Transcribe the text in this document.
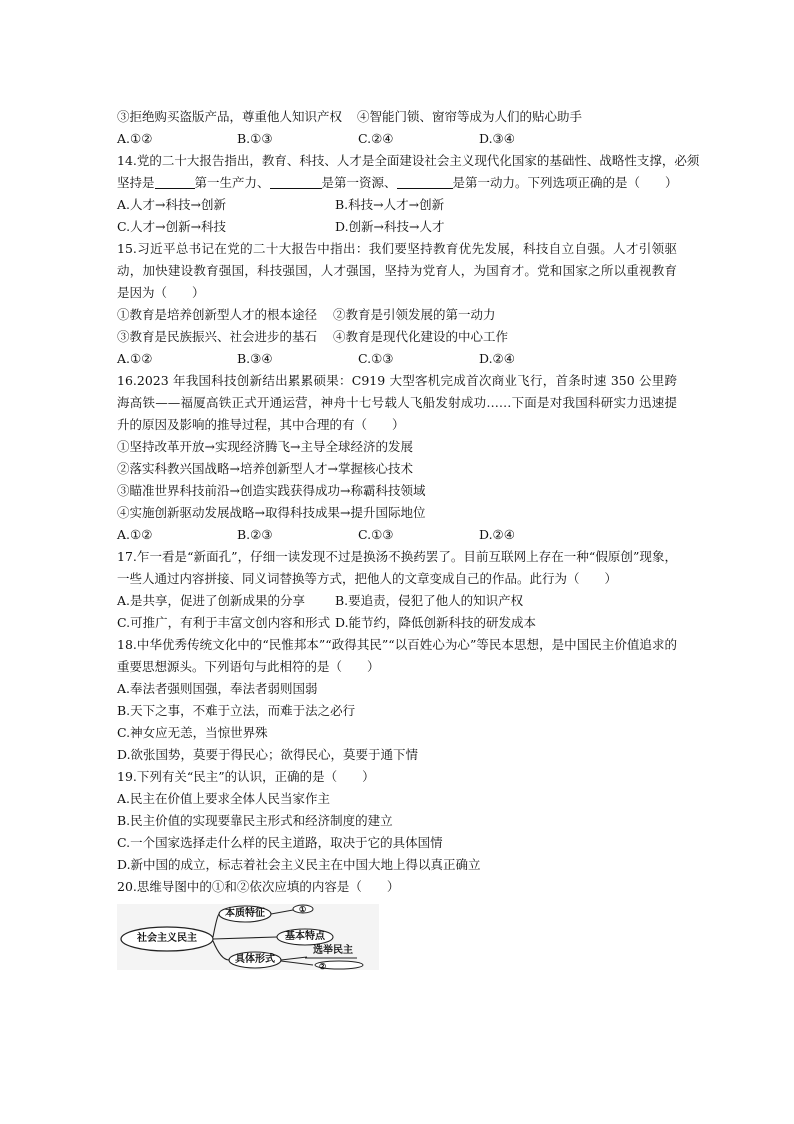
③拒绝购买盗版产品，尊重他人知识产权 ④智能门锁、窗帘等成为人们的贴心助手
A.①②	B.①③	C.②④	D.③④
14.党的二十大报告指出，教育、科技、人才是全面建设社会主义现代化国家的基础性、战略性支撑，必须
坚持是	第一生产力、	是第一资源、	是第一动力。下列选项正确的是（　　）
A.人才→科技→创新	B.科技→人才→创新
C.人才→创新→科技	D.创新→科技→人才
15.习近平总书记在党的二十大报告中指出：我们要坚持教育优先发展，科技自立自强。人才引领驱动，加快建设教育强国，科技强国，人才强国，坚持为党育人，为国育才。党和国家之所以重视教育是因为（　　）
①教育是培养创新型人才的根本途径 ②教育是引领发展的第一动力
③教育是民族振兴、社会进步的基石 ④教育是现代化建设的中心工作
A.①②	B.③④	C.①③	D.②④
16.2023 年我国科技创新结出累累硕果：C919 大型客机完成首次商业飞行，首条时速 350 公里跨海高铁——福厦高铁正式开通运营，神舟十七号载人飞船发射成功……下面是对我国科研实力迅速提升的原因及影响的推导过程，其中合理的有（　　）
①坚持改革开放→实现经济腾飞→主导全球经济的发展
②落实科教兴国战略→培养创新型人才→掌握核心技术
③瞄准世界科技前沿→创造实践获得成功→称霸科技领域
④实施创新驱动发展战略→取得科技成果→提升国际地位
A.①②	B.②③	C.①③	D.②④
17.乍一看是“新面孔”，仔细一读发现不过是换汤不换药罢了。目前互联网上存在一种“假原创”现象，一些人通过内容拼接、同义词替换等方式，把他人的文章变成自己的作品。此行为（　　）
A.是共享，促进了创新成果的分享 B.要追责，侵犯了他人的知识产权
C.可推广，有利于丰富文创内容和形式 D.能节约，降低创新科技的研发成本
18.中华优秀传统文化中的“民惟邦本”“政得其民”“以百姓心为心”等民本思想，是中国民主价值追求的重要思想源头。下列语句与此相符的是（　　）
A.奉法者强则国强，奉法者弱则国弱
B.天下之事，不难于立法，而难于法之必行
C.神女应无恙，当惊世界殊
D.欲张国势，莫要于得民心；欲得民心，莫要于通下情
19.下列有关“民主”的认识，正确的是（　　）
A.民主在价值上要求全体人民当家作主
B.民主价值的实现要靠民主形式和经济制度的建立
C.一个国家选择走什么样的民主道路，取决于它的具体国情
D.新中国的成立，标志着社会主义民主在中国大地上得以真正确立
20.思维导图中的①和②依次应填的内容是（　　）
社会主义民主
本质特征
基本特点
具体形式
①
选举民主
②
